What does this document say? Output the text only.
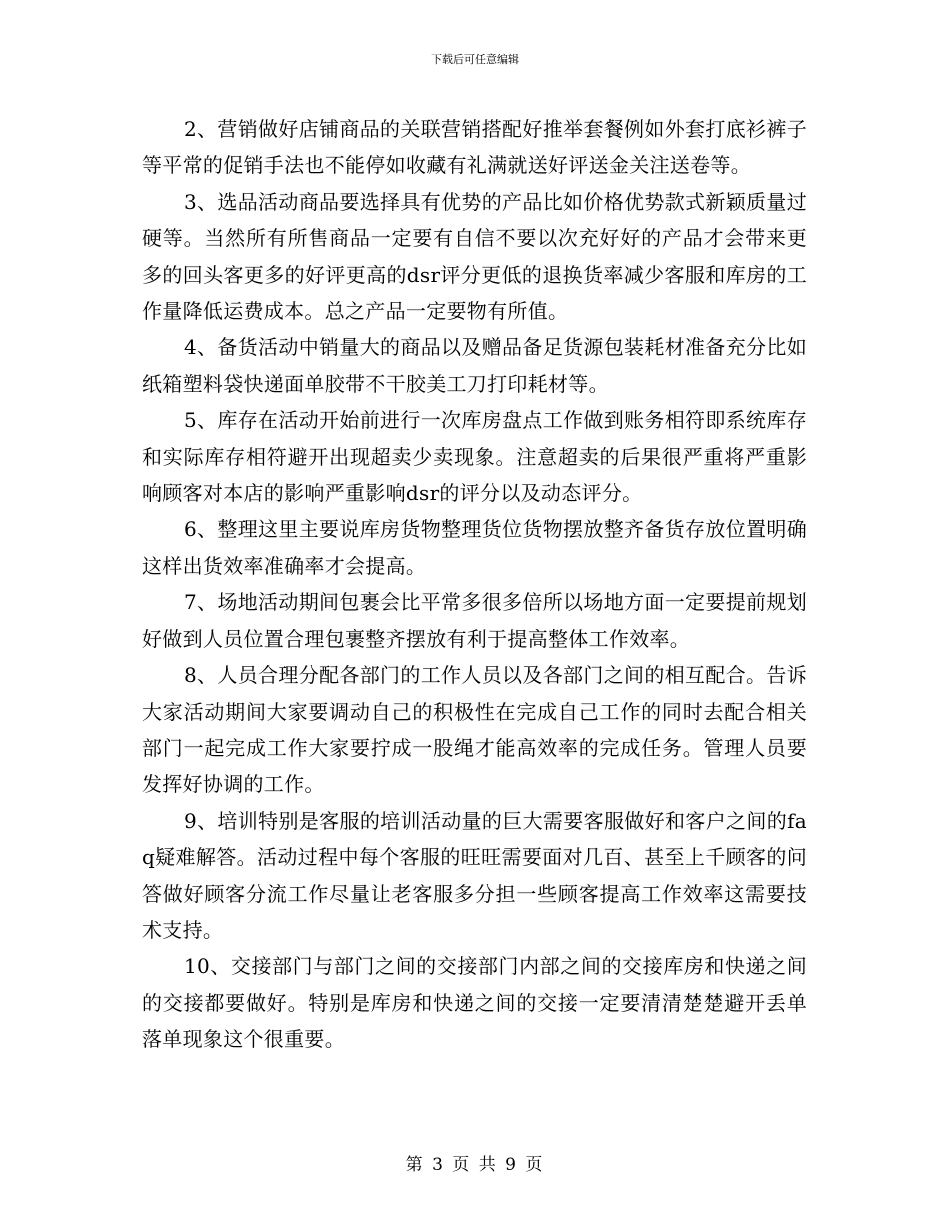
下载后可任意编辑

2、营销做好店铺商品的关联营销搭配好推举套餐例如外套打底衫裤子 等平常的促销手法也不能停如收藏有礼满就送好评送金关注送卷等。

3、选品活动商品要选择具有优势的产品比如价格优势款式新颖质量过硬等。当然所有所售商品一定要有自信不要以次充好好的产品才会带来更多的回头客更多的好评更高的dsr评分更低的退换货率减少客服和库房的工作量降低运费成本。总之产品一定要物有所值。

4、备货活动中销量大的商品以及赠品备足货源包装耗材准备充分比如纸箱塑料袋快递面单胶带不干胶美工刀打印耗材等。

5、库存在活动开始前进行一次库房盘点工作做到账务相符即系统库存和实际库存相符避开出现超卖少卖现象。注意超卖的后果很严重将严重影响顾客对本店的影响严重影响dsr的评分以及动态评分。

6、整理这里主要说库房货物整理货位货物摆放整齐备货存放位置明确这样出货效率准确率才会提高。

7、场地活动期间包裹会比平常多很多倍所以场地方面一定要提前规划好做到人员位置合理包裹整齐摆放有利于提高整体工作效率。

8、人员合理分配各部门的工作人员以及各部门之间的相互配合。告诉大家活动期间大家要调动自己的积极性在完成自己工作的同时去配合相关部门一起完成工作大家要拧成一股绳才能高效率的完成任务。管理人员要发挥好协调的工作。

9、培训特别是客服的培训活动量的巨大需要客服做好和客户之间的faq疑难解答。活动过程中每个客服的旺旺需要面对几百、甚至上千顾客的问答做好顾客分流工作尽量让老客服多分担一些顾客提高工作效率这需要技术支持。

10、交接部门与部门之间的交接部门内部之间的交接库房和快递之间的交接都要做好。特别是库房和快递之间的交接一定要清清楚楚避开丢单落单现象这个很重要。

第 3 页 共 9 页
